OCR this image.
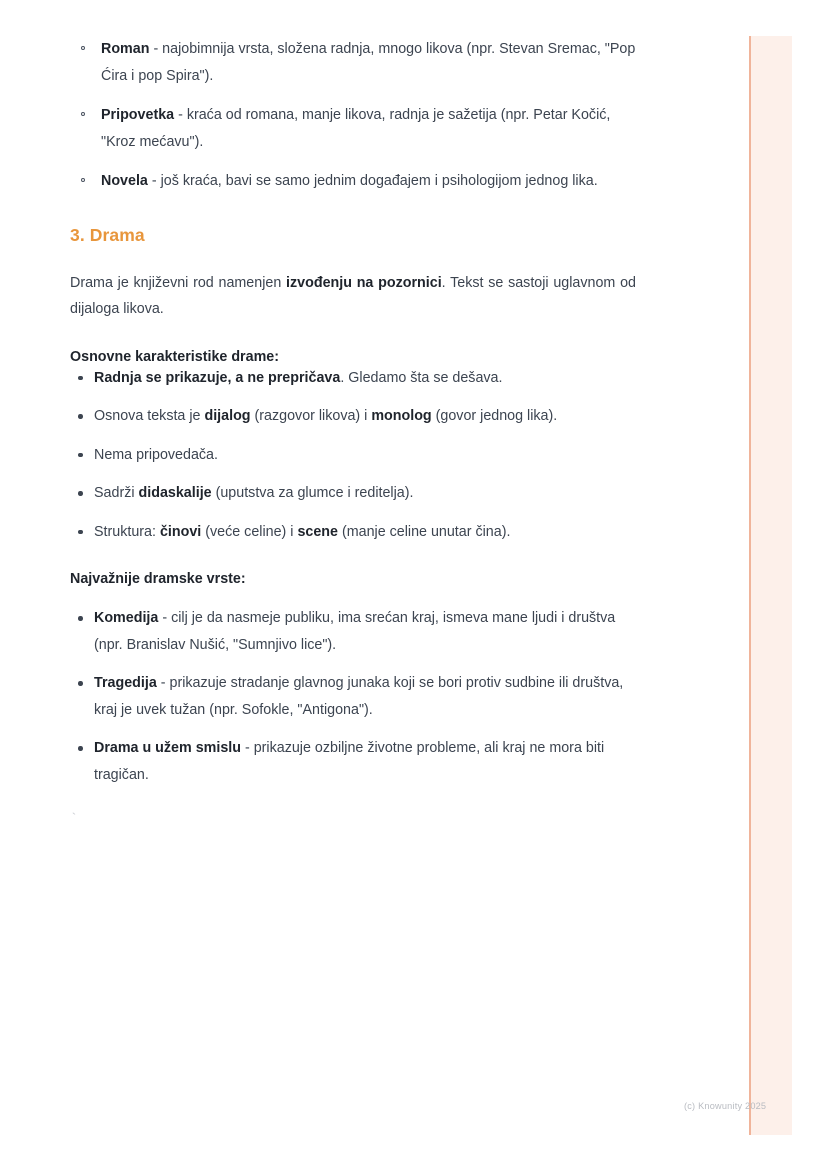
Roman - najobimnija vrsta, složena radnja, mnogo likova (npr. Stevan Sremac, "Pop Ćira i pop Spira").
Pripovetka - kraća od romana, manje likova, radnja je sažetija (npr. Petar Kočić, "Kroz mećavu").
Novela - još kraća, bavi se samo jednim događajem i psihologijom jednog lika.
3. Drama

Drama je književni rod namenjen izvođenju na pozornici. Tekst se sastoji uglavnom od dijaloga likova.

Osnovne karakteristike drame:
Radnja se prikazuje, a ne prepričava. Gledamo šta se dešava.
Osnova teksta je dijalog (razgovor likova) i monolog (govor jednog lika).
Nema pripovedača.
Sadrži didaskalije (uputstva za glumce i reditelja).
Struktura: činovi (veće celine) i scene (manje celine unutar čina).
Najvažnije dramske vrste:
Komedija - cilj je da nasmeje publiku, ima srećan kraj, ismeva mane ljudi i društva (npr. Branislav Nušić, "Sumnjivo lice").
Tragedija - prikazuje stradanje glavnog junaka koji se bori protiv sudbine ili društva, kraj je uvek tužan (npr. Sofokle, "Antigona").
Drama u užem smislu - prikazuje ozbiljne životne probleme, ali kraj ne mora biti tragičan.

`

(c) Knowunity 2025
